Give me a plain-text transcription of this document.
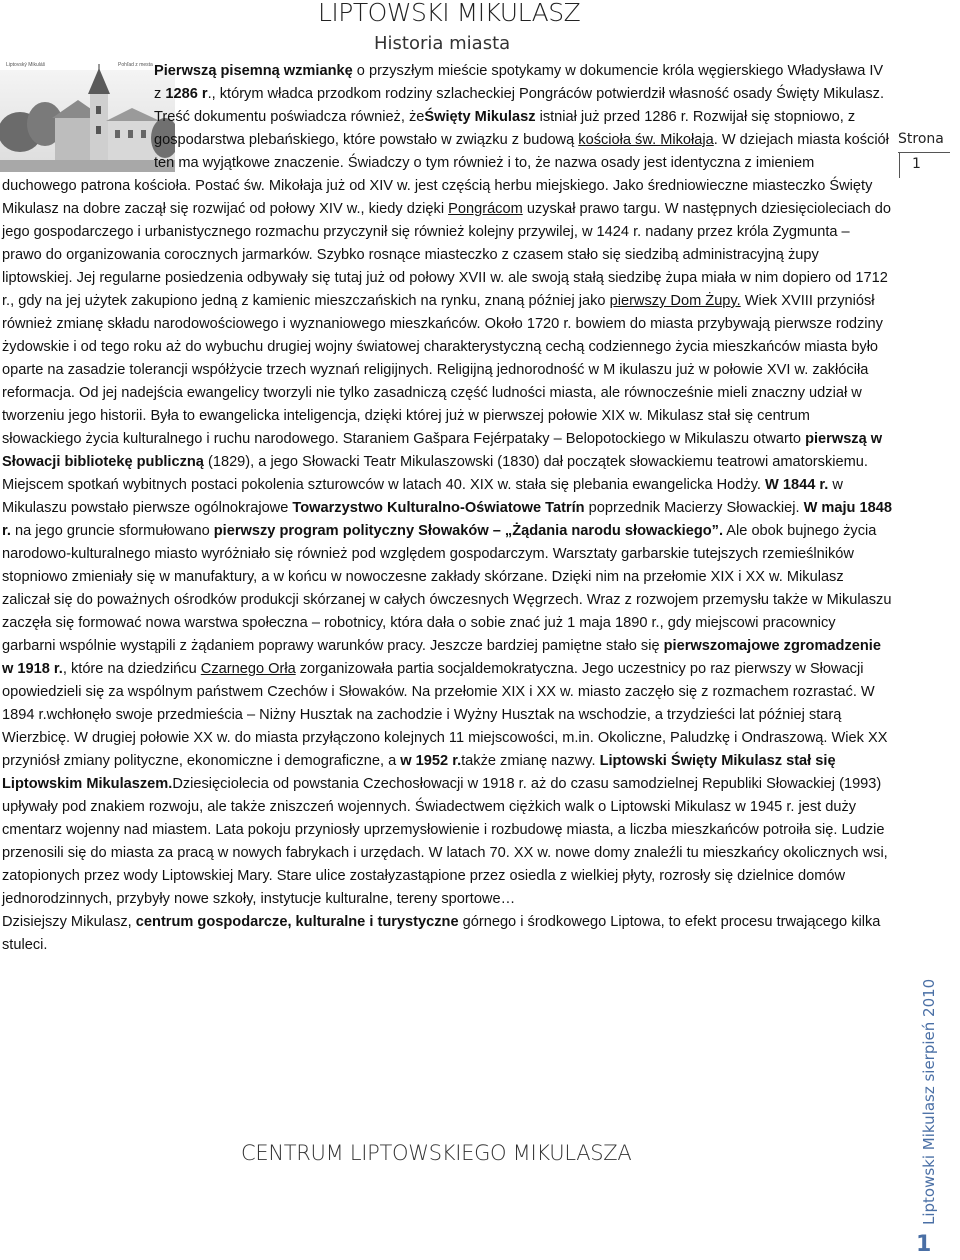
LIPTOWSKI MIKULASZ
Historia miasta
Liptovský Mikuláš	Pohľad z mesta Pierwszą pisemną wzmiankę o przyszłym mieście spotykamy w dokumencie króla węgierskiego Władysława IV z 1286 r., którym władca przodkom rodziny szlacheckiej Pongráców potwierdził własność osady Święty Mikulasz. Treść dokumentu poświadcza również, żeŚwięty Mikulasz istniał już przed 1286 r. Rozwijał się stopniowo, z gospodarstwa plebańskiego, które powstało w związku z budową kościoła św. Mikołaja. W dziejach miasta kościół ten ma wyjątkowe znaczenie. Świadczy o tym również i to, że nazwa osady jest identyczna z imieniem duchowego patrona kościoła. Postać św. Mikołaja już od XIV w. jest częścią herbu miejskiego. Jako średniowieczne miasteczko Święty Mikulasz na dobre zaczął się rozwijać od połowy XIV w., kiedy dzięki Pongrácom uzyskał prawo targu. W następnych dziesięcioleciach do jego gospodarczego i urbanistycznego rozmachu przyczynił się również kolejny przywilej, w 1424 r. nadany przez króla Zygmunta – prawo do organizowania corocznych jarmarków. Szybko rosnące miasteczko z czasem stało się siedzibą administracyjną żupy liptowskiej. Jej regularne posiedzenia odbywały się tutaj już od połowy XVII w. ale swoją stałą siedzibę żupa miała w nim dopiero od 1712 r., gdy na jej użytek zakupiono jedną z kamienic mieszczańskich na rynku, znaną później jako pierwszy Dom Żupy. Wiek XVIII przyniósł również zmianę składu narodowościowego i wyznaniowego mieszkańców. Około 1720 r. bowiem do miasta przybywają pierwsze rodziny żydowskie i od tego roku aż do wybuchu drugiej wojny światowej charakterystyczną cechą codziennego życia mieszkańców miasta było oparte na zasadzie tolerancji współżycie trzech wyznań religijnych. Religijną jednorodność w M ikulaszu już w połowie XVI w. zakłóciła reformacja. Od jej nadejścia ewangelicy tworzyli nie tylko zasadniczą część ludności miasta, ale równocześnie mieli znaczny udział w tworzeniu jego historii. Była to ewangelicka inteligencja, dzięki której już w pierwszej połowie XIX w. Mikulasz stał się centrum słowackiego życia kulturalnego i ruchu narodowego. Staraniem Gašpara Fejérpataky – Belopotockiego w Mikulaszu otwarto pierwszą w Słowacji bibliotekę publiczną (1829), a jego Słowacki Teatr Mikulaszowski (1830) dał początek słowackiemu teatrowi amatorskiemu. Miejscem spotkań wybitnych postaci pokolenia szturowców w latach 40. XIX w. stała się plebania ewangelicka Hodży. W 1844 r. w Mikulaszu powstało pierwsze ogólnokrajowe Towarzystwo Kulturalno-Oświatowe Tatrín poprzednik Macierzy Słowackiej. W maju 1848 r. na jego gruncie sformułowano pierwszy program polityczny Słowaków – „Żądania narodu słowackiego”. Ale obok bujnego życia narodowo-kulturalnego miasto wyróżniało się również pod względem gospodarczym. Warsztaty garbarskie tutejszych rzemieślników stopniowo zmieniały się w manufaktury, a w końcu w nowoczesne zakłady skórzane. Dzięki nim na przełomie XIX i XX w. Mikulasz zaliczał się do poważnych ośrodków produkcji skórzanej w całych ówczesnych Węgrzech. Wraz z rozwojem przemysłu także w Mikulaszu zaczęła się formować nowa warstwa społeczna – robotnicy, która dała o sobie znać już 1 maja 1890 r., gdy miejscowi pracownicy garbarni wspólnie wystąpili z żądaniem poprawy warunków pracy. Jeszcze bardziej pamiętne stało się pierwszomajowe zgromadzenie w 1918 r., które na dziedzińcu Czarnego Orła zorganizowała partia socjaldemokratyczna. Jego uczestnicy po raz pierwszy w Słowacji opowiedzieli się za wspólnym państwem Czechów i Słowaków. Na przełomie XIX i XX w. miasto zaczęło się z rozmachem rozrastać. W 1894 r.wchłonęło swoje przedmieścia – Niżny Husztak na zachodzie i Wyżny Husztak na wschodzie, a trzydzieści lat później starą Wierzbicę. W drugiej połowie XX w. do miasta przyłączono kolejnych 11 miejscowości, m.in. Okoliczne, Paludzkę i Ondraszową. Wiek XX przyniósł zmiany polityczne, ekonomiczne i demograficzne, a w 1952 r.także zmianę nazwy. Liptowski Święty Mikulasz stał się Liptowskim Mikulaszem.Dziesięciolecia od powstania Czechosłowacji w 1918 r. aż do czasu samodzielnej Republiki Słowackiej (1993) upływały pod znakiem rozwoju, ale także zniszczeń wojennych. Świadectwem ciężkich walk o Liptowski Mikulasz w 1945 r. jest duży cmentarz wojenny nad miastem. Lata pokoju przyniosły uprzemysłowienie i rozbudowę miasta, a liczba mieszkańców potroiła się. Ludzie przenosili się do miasta za pracą w nowych fabrykach i urzędach. W latach 70. XX w. nowe domy znaleźli tu mieszkańcy okolicznych wsi, zatopionych przez wody Liptowskiej Mary. Stare ulice zostałyzastąpione przez osiedla z wielkiej płyty, rozrosły się dzielnice domów jednorodzinnych, przybyły nowe szkoły, instytucje kulturalne, tereny sportowe…
Dzisiejszy Mikulasz, centrum gospodarcze, kulturalne i turystyczne górnego i środkowego Liptowa, to efekt procesu trwającego kilka stuleci.
Strona
1
CENTRUM LIPTOWSKIEGO MIKULASZA	Liptowski Mikulasz sierpień 2010
1
